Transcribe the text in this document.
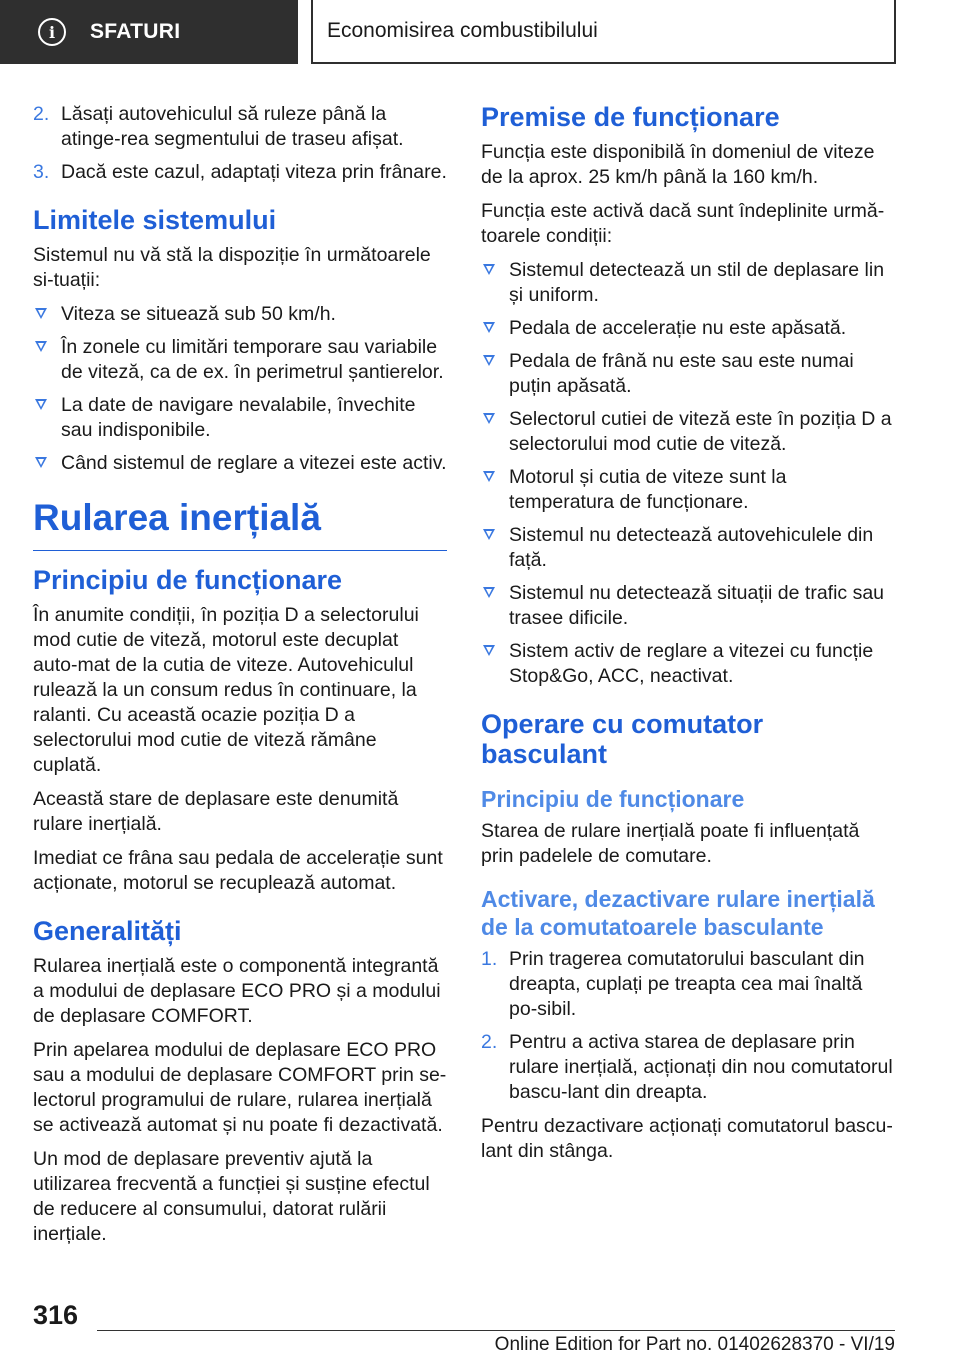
i	SFATURI	Economisirea combustibilului
2. Lăsați autovehiculul să ruleze până la atinge‐rea segmentului de traseu afișat.
3. Dacă este cazul, adaptați viteza prin frânare.
Limitele sistemului

Sistemul nu vă stă la dispoziție în următoarele si‐tuații:

Viteza se situează sub 50 km/h.
În zonele cu limitări temporare sau variabile de viteză, ca de ex. în perimetrul șantierelor.
La date de navigare nevalabile, învechite sau indisponibile.
Când sistemul de reglare a vitezei este activ.
Rularea inerțială
Principiu de funcționare

În anumite condiții, în poziția D a selectorului mod cutie de viteză, motorul este decuplat auto‐mat de la cutia de viteze. Autovehiculul rulează la un consum redus în continuare, la ralanti. Cu această ocazie poziția D a selectorului mod cutie de viteză rămâne cuplată.

Această stare de deplasare este denumită rulare inerțială.

Imediat ce frâna sau pedala de accelerație sunt acționate, motorul se recuplează automat.

Generalități

Rularea inerțială este o componentă integrantă a modului de deplasare ECO PRO și a modului de deplasare COMFORT.

Prin apelarea modului de deplasare ECO PRO sau a modului de deplasare COMFORT prin se‐lectorul programului de rulare, rularea inerțială se activează automat și nu poate fi dezactivată.

Un mod de deplasare preventiv ajută la utilizarea frecventă a funcției și susține efectul de reducere al consumului, datorat rulării inerțiale.

Premise de funcționare

Funcția este disponibilă în domeniul de viteze de la aprox. 25 km/h până la 160 km/h.

Funcția este activă dacă sunt îndeplinite urmă‐toarele condiții:

Sistemul detectează un stil de deplasare lin și uniform.
Pedala de accelerație nu este apăsată.
Pedala de frână nu este sau este numai puțin apăsată.
Selectorul cutiei de viteză este în poziția D a selectorului mod cutie de viteză.
Motorul și cutia de viteze sunt la temperatura de funcționare.
Sistemul nu detectează autovehiculele din față.
Sistemul nu detectează situații de trafic sau trasee dificile.
Sistem activ de reglare a vitezei cu funcție Stop&Go, ACC, neactivat.
Operare cu comutator basculant
Principiu de funcționare

Starea de rulare inerțială poate fi influențată prin padelele de comutare.

Activare, dezactivare rulare inerțială de la comutatoarele basculante
1. Prin tragerea comutatorului basculant din dreapta, cuplați pe treapta cea mai înaltă po‐sibil.
2. Pentru a activa starea de deplasare prin rulare inerțială, acționați din nou comutatorul bascu‐lant din dreapta.

Pentru dezactivare acționați comutatorul bascu‐lant din stânga.

316
Online Edition for Part no. 01402628370 - VI/19
